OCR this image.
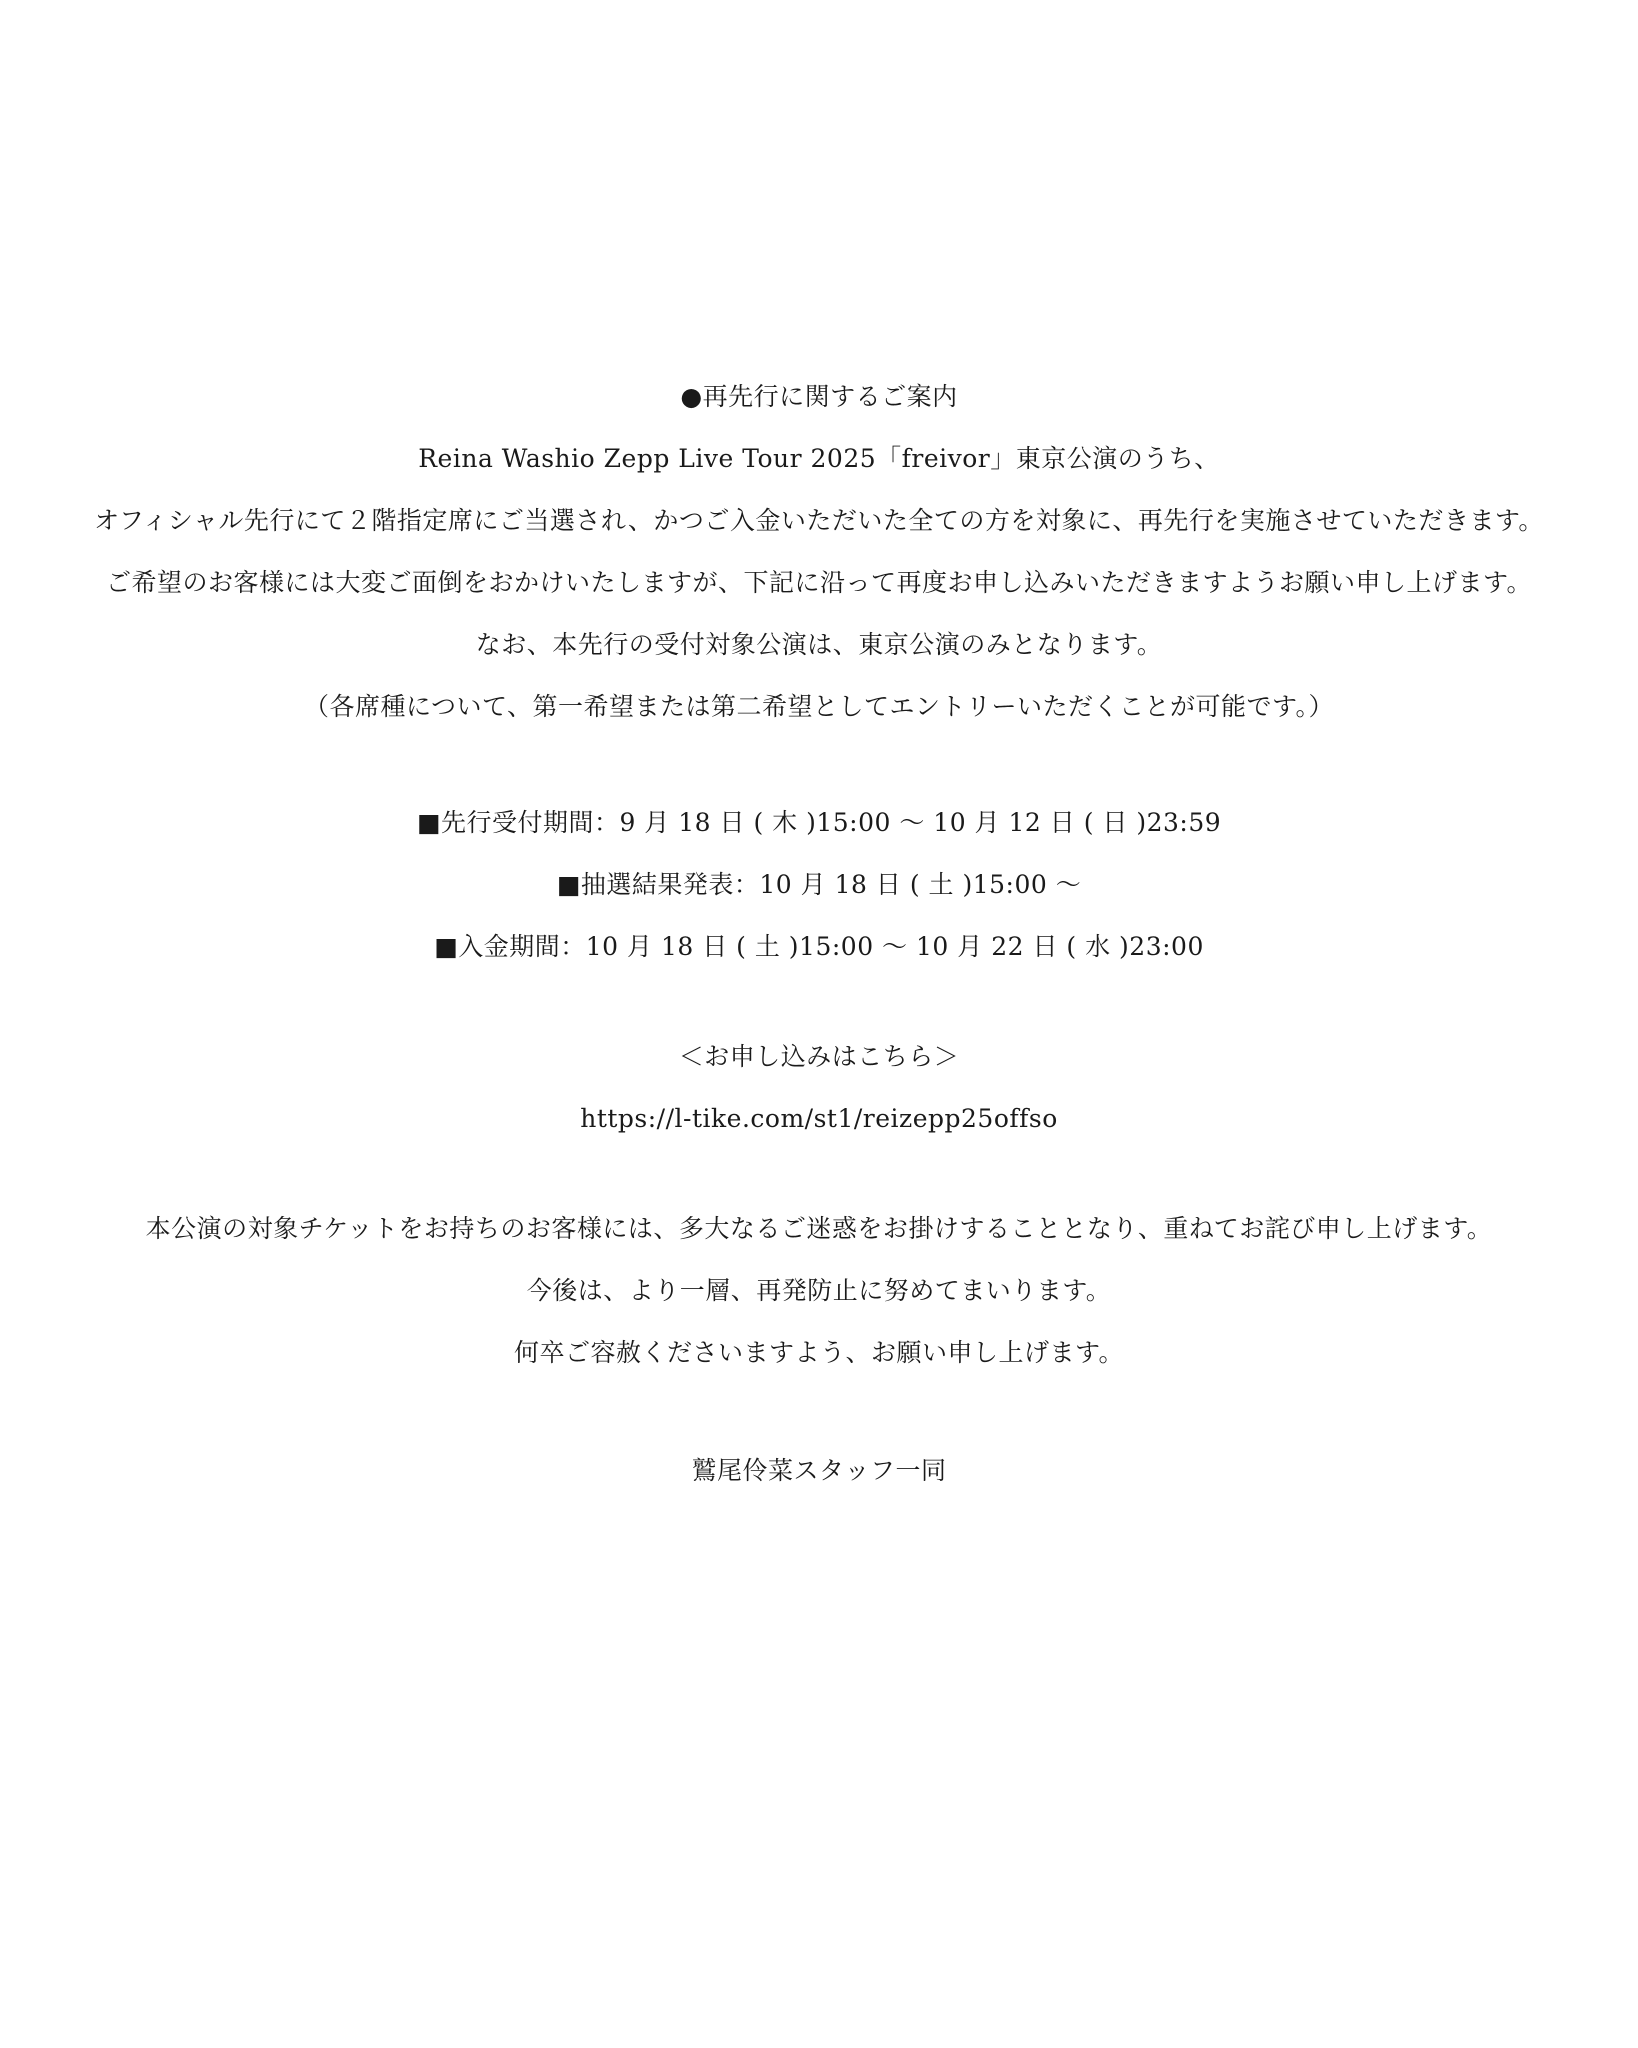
●再先行に関するご案内
Reina Washio Zepp Live Tour 2025「freivor」東京公演のうち、
オフィシャル先行にて２階指定席にご当選され、かつご入金いただいた全ての方を対象に、再先行を実施させていただきます。
ご希望のお客様には大変ご面倒をおかけいたしますが、下記に沿って再度お申し込みいただきますようお願い申し上げます。
なお、本先行の受付対象公演は、東京公演のみとなります。
（各席種について、第一希望または第二希望としてエントリーいただくことが可能です。）
■先行受付期間：9 月 18 日 ( 木 )15:00 〜 10 月 12 日 ( 日 )23:59
■抽選結果発表：10 月 18 日 ( 土 )15:00 〜
■入金期間：10 月 18 日 ( 土 )15:00 〜 10 月 22 日 ( 水 )23:00
＜お申し込みはこちら＞
https://l-tike.com/st1/reizepp25offso
本公演の対象チケットをお持ちのお客様には、多大なるご迷惑をお掛けすることとなり、重ねてお詫び申し上げます。
今後は、より一層、再発防止に努めてまいります。
何卒ご容赦くださいますよう、お願い申し上げます。
鷲尾伶菜スタッフ一同
